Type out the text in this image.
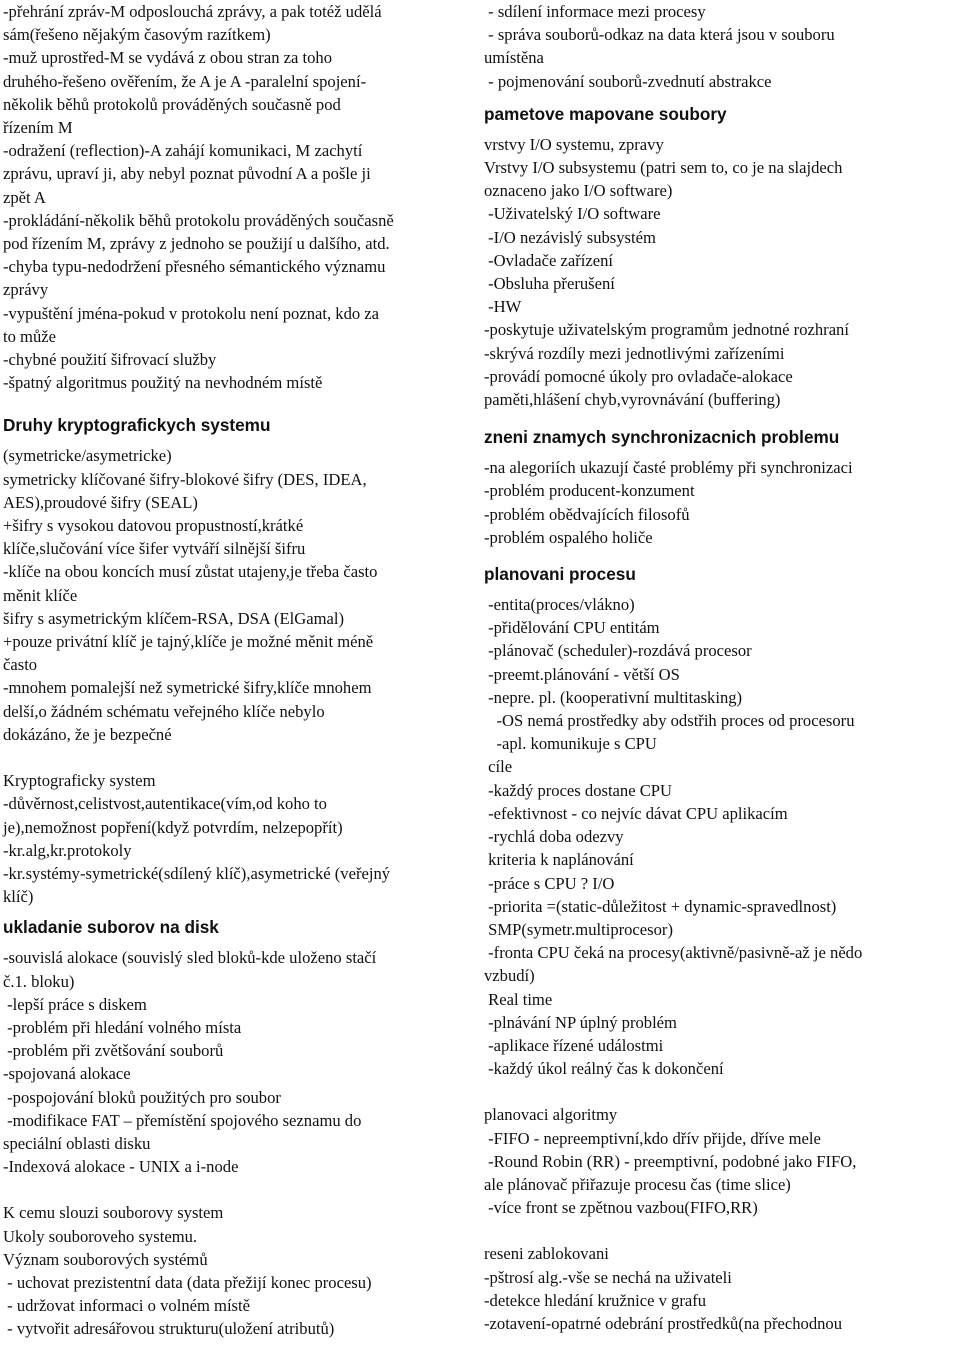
-přehrání zpráv-M odposlouchá zprávy, a pak totéž udělá
sám(řešeno nějakým časovým razítkem)
-muž uprostřed-M se vydává z obou stran za toho
druhého-řešeno ověřením, že A je A -paralelní spojení-
několik běhů protokolů prováděných současně pod
řízením M
-odražení (reflection)-A zahájí komunikaci, M zachytí
zprávu, upraví ji, aby nebyl poznat původní A a pošle ji
zpět A
-prokládání-několik běhů protokolu prováděných současně
pod řízením M, zprávy z jednoho se použijí u dalšího, atd.
-chyba typu-nedodržení přesného sémantického významu
zprávy
-vypuštění jména-pokud v protokolu není poznat, kdo za
to může
-chybné použití šifrovací služby
-špatný algoritmus použitý na nevhodném místě
Druhy kryptografickych systemu
(symetricke/asymetricke)
symetricky klíčované šifry-blokové šifry (DES, IDEA,
AES),proudové šifry (SEAL)
+šifry s vysokou datovou propustností,krátké
klíče,slučování více šifer vytváří silnější šifru
-klíče na obou koncích musí zůstat utajeny,je třeba často
měnit klíče
šifry s asymetrickým klíčem-RSA, DSA (ElGamal)
+pouze privátní klíč je tajný,klíče je možné měnit méně
často
-mnohem pomalejší než symetrické šifry,klíče mnohem
delší,o žádném schématu veřejného klíče nebylo
dokázáno, že je bezpečné
Kryptograficky system
-důvěrnost,celistvost,autentikace(vím,od koho to
je),nemožnost popření(když potvrdím, nelzepopřít)
-kr.alg,kr.protokoly
-kr.systémy-symetrické(sdílený klíč),asymetrické (veřejný
klíč)
ukladanie suborov na disk
-souvislá alokace (souvislý sled bloků-kde uloženo stačí
č.1. bloku)
-lepší práce s diskem
-problém při hledání volného místa
-problém při zvětšování souborů
-spojovaná alokace
-pospojování bloků použitých pro soubor
-modifikace FAT – přemístění spojového seznamu do
speciální oblasti disku
-Indexová alokace - UNIX a i-node
K cemu slouzi souborovy system
Ukoly souboroveho systemu.
Význam souborových systémů
- uchovat prezistentní data (data přežijí konec procesu)
- udržovat informaci o volném místě
- vytvořit adresářovou strukturu(uložení atributů)
- sdílení informace mezi procesy
- správa souborů-odkaz na data která jsou v souboru
umístěna
- pojmenování souborů-zvednutí abstrakce
pametove mapovane soubory
vrstvy I/O systemu, zpravy
Vrstvy I/O subsystemu (patri sem to, co je na slajdech
oznaceno jako I/O software)
-Uživatelský I/O software
-I/O nezávislý subsystém
-Ovladače zařízení
-Obsluha přerušení
-HW
-poskytuje uživatelským programům jednotné rozhraní
-skrývá rozdíly mezi jednotlivými zařízeními
-provádí pomocné úkoly pro ovladače-alokace
paměti,hlášení chyb,vyrovnávání (buffering)
zneni znamych synchronizacnich problemu
-na alegoriích ukazují časté problémy při synchronizaci
-problém producent-konzument
-problém obědvajících filosofů
-problém ospalého holiče
planovani procesu
-entita(proces/vlákno)
-přidělování CPU entitám
-plánovač (scheduler)-rozdává procesor
-preemt.plánování - větší OS
-nepre. pl. (kooperativní multitasking)
-OS nemá prostředky aby odstřih proces od procesoru
-apl. komunikuje s CPU
cíle
-každý proces dostane CPU
-efektivnost - co nejvíc dávat CPU aplikacím
-rychlá doba odezvy
kriteria k naplánování
-práce s CPU ? I/O
-priorita =(static-důležitost + dynamic-spravedlnost)
SMP(symetr.multiprocesor)
-fronta CPU čeká na procesy(aktivně/pasivně-až je nědo
vzbudí)
Real time
-plnávání NP úplný problém
-aplikace řízené událostmi
-každý úkol reálný čas k dokončení
planovaci algoritmy
-FIFO - nepreemptivní,kdo dřív přijde, dříve mele
-Round Robin (RR) - preemptivní, podobné jako FIFO,
ale plánovač přiřazuje procesu čas (time slice)
-více front se zpětnou vazbou(FIFO,RR)
reseni zablokovani
-pštrosí alg.-vše se nechá na uživateli
-detekce hledání kružnice v grafu
-zotavení-opatrné odebrání prostředků(na přechodnou
